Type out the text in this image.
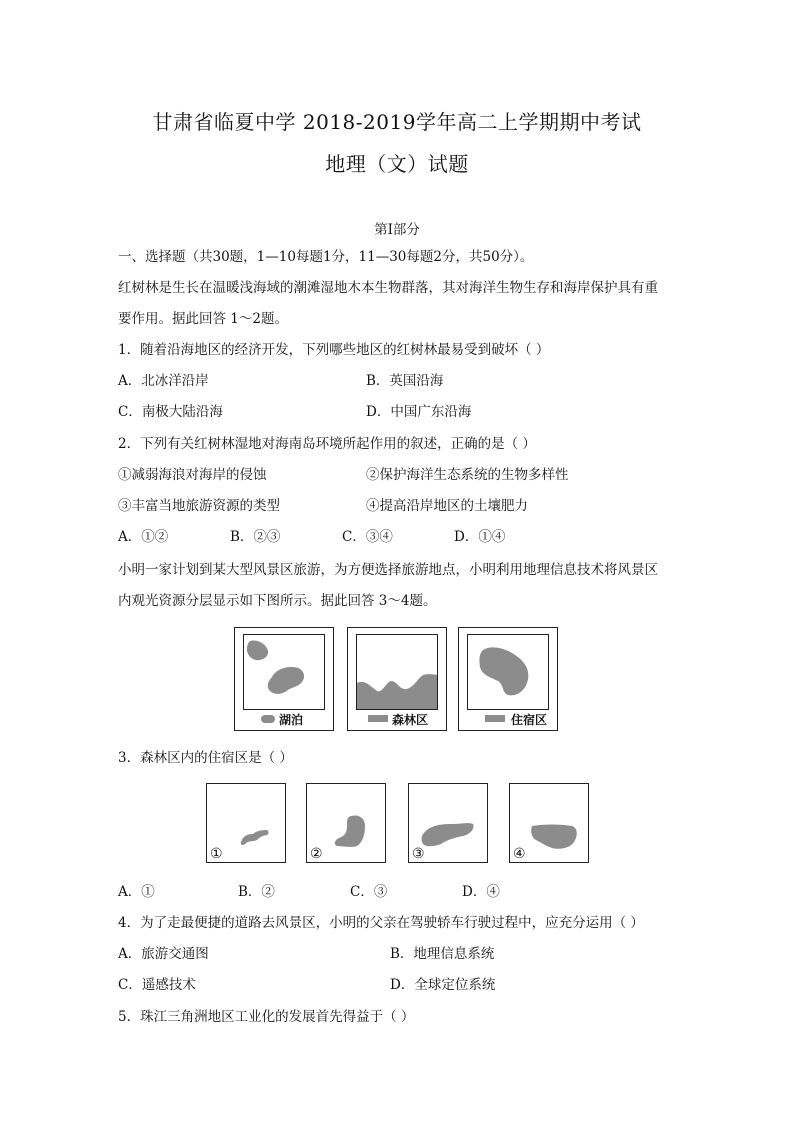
甘肃省临夏中学 2018-2019学年高二上学期期中考试
地理（文）试题
第Ⅰ部分
一、选择题（共30题，1—10每题1分，11—30每题2分，共50分）。
红树林是生长在温暖浅海域的潮滩湿地木本生物群落，其对海洋生物生存和海岸保护具有重
要作用。据此回答 1～2题。
1．随着沿海地区的经济开发，下列哪些地区的红树林最易受到破坏（ ）
A．北冰洋沿岸	B．英国沿海
C．南极大陆沿海	D．中国广东沿海
2．下列有关红树林湿地对海南岛环境所起作用的叙述，正确的是（ ）
①减弱海浪对海岸的侵蚀	②保护海洋生态系统的生物多样性
③丰富当地旅游资源的类型	④提高沿岸地区的土壤肥力
A．①②	B．②③	C．③④	D．①④
小明一家计划到某大型风景区旅游，为方便选择旅游地点，小明利用地理信息技术将风景区
内观光资源分层显示如下图所示。据此回答 3～4题。
湖泊	森林区	住宿区
3．森林区内的住宿区是（ ）
①	②	③	④
A．①	B．②	C．③	D．④
4．为了走最便捷的道路去风景区，小明的父亲在驾驶轿车行驶过程中，应充分运用（ ）
A．旅游交通图	B．地理信息系统
C．遥感技术	D．全球定位系统
5．珠江三角洲地区工业化的发展首先得益于（ ）
